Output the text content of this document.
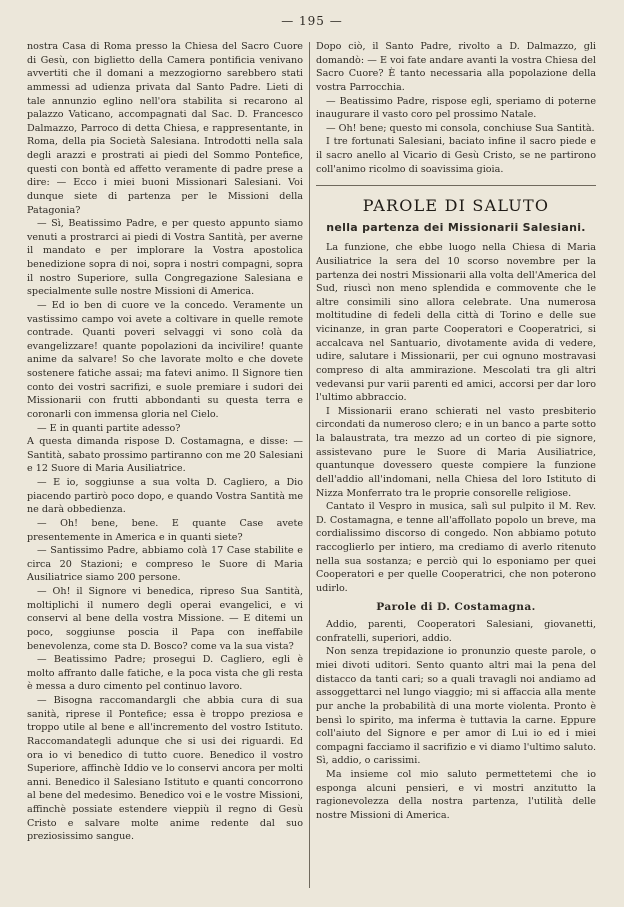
— 195 —

nostra Casa di Roma presso la Chiesa del Sacro Cuore di Gesù, con biglietto della Camera pontificia venivano avvertiti che il domani a mezzogiorno sarebbero stati ammessi ad udienza privata dal Santo Padre. Lieti di tale annunzio eglino nell'ora stabilita si recarono al palazzo Vaticano, accompagnati dal Sac. D. Francesco Dalmazzo, Parroco di detta Chiesa, e rappresentante, in Roma, della pia Società Salesiana. Introdotti nella sala degli arazzi e prostrati ai piedi del Sommo Pontefice, questi con bontà ed affetto veramente di padre prese a dire: — Ecco i miei buoni Missionari Salesiani. Voi dunque siete di partenza per le Missioni della Patagonia?

— Sì, Beatissimo Padre, e per questo appunto siamo venuti a prostrarci ai piedi di Vostra Santità, per averne il mandato e per implorare la Vostra apostolica benedizione sopra di noi, sopra i nostri compagni, sopra il nostro Superiore, sulla Congregazione Salesiana e specialmente sulle nostre Missioni di America.

— Ed io ben di cuore ve la concedo. Veramente un vastissimo campo voi avete a coltivare in quelle remote contrade. Quanti poveri selvaggi vi sono colà da evangelizzare! quante popolazioni da incivilire! quante anime da salvare! So che lavorate molto e che dovete sostenere fatiche assai; ma fatevi animo. Il Signore tien conto dei vostri sacrifizi, e suole premiare i sudori dei Missionarii con frutti abbondanti su questa terra e coronarli con immensa gloria nel Cielo.

— E in quanti partite adesso?

A questa dimanda rispose D. Costamagna, e disse: — Santità, sabato prossimo partiranno con me 20 Salesiani e 12 Suore di Maria Ausiliatrice.

— E io, soggiunse a sua volta D. Cagliero, a Dio piacendo partirò poco dopo, e quando Vostra Santità me ne darà obbedienza.

— Oh! bene, bene. E quante Case avete presentemente in America e in quanti siete?

— Santissimo Padre, abbiamo colà 17 Case stabilite e circa 20 Stazioni; e compreso le Suore di Maria Ausiliatrice siamo 200 persone.

— Oh! il Signore vi benedica, ripreso Sua Santità, moltiplichi il numero degli operai evangelici, e vi conservi al bene della vostra Missione. — E ditemi un poco, soggiunse poscia il Papa con ineffabile benevolenza, come sta D. Bosco? come va la sua vista?

— Beatissimo Padre; prosegui D. Cagliero, egli è molto affranto dalle fatiche, e la poca vista che gli resta è messa a duro cimento pel continuo lavoro.

— Bisogna raccomandargli che abbia cura di sua sanità, riprese il Pontefice; essa è troppo preziosa e troppo utile al bene e all'incremento del vostro Istituto. Raccomandategli adunque che si usi dei riguardi. Ed ora io vi benedico di tutto cuore. Benedico il vostro Superiore, affinchè Iddio ve lo conservi ancora per molti anni. Benedico il Salesiano Istituto e quanti concorrono al bene del medesimo. Benedico voi e le vostre Missioni, affinchè possiate estendere vieppiù il regno di Gesù Cristo e salvare molte anime redente dal suo preziosissimo sangue.

Dopo ciò, il Santo Padre, rivolto a D. Dalmazzo, gli domandò: — E voi fate andare avanti la vostra Chiesa del Sacro Cuore? È tanto necessaria alla popolazione della vostra Parrocchia.

— Beatissimo Padre, rispose egli, speriamo di poterne inaugurare il vasto coro pel prossimo Natale.

— Oh! bene; questo mi consola, conchiuse Sua Santità.

I tre fortunati Salesiani, baciato infine il sacro piede e il sacro anello al Vicario di Gesù Cristo, se ne partirono coll'animo ricolmo di soavissima gioia.

PAROLE DI SALUTO
nella partenza dei Missionarii Salesiani.

La funzione, che ebbe luogo nella Chiesa di Maria Ausiliatrice la sera del 10 scorso novembre per la partenza dei nostri Missionarii alla volta dell'America del Sud, riuscì non meno splendida e commovente che le altre consimili sino allora celebrate. Una numerosa moltitudine di fedeli della città di Torino e delle sue vicinanze, in gran parte Cooperatori e Cooperatrici, si accalcava nel Santuario, divotamente avida di vedere, udire, salutare i Missionarii, per cui ognuno mostravasi compreso di alta ammirazione. Mescolati tra gli altri vedevansi pur varii parenti ed amici, accorsi per dar loro l'ultimo abbraccio.

I Missionarii erano schierati nel vasto presbiterio circondati da numeroso clero; e in un banco a parte sotto la balaustrata, tra mezzo ad un corteo di pie signore, assistevano pure le Suore di Maria Ausiliatrice, quantunque dovessero queste compiere la funzione dell'addio all'indomani, nella Chiesa del loro Istituto di Nizza Monferrato tra le proprie consorelle religiose.

Cantato il Vespro in musica, salì sul pulpito il M. Rev. D. Costamagna, e tenne all'affollato popolo un breve, ma cordialissimo discorso di congedo. Non abbiamo potuto raccoglierlo per intiero, ma crediamo di averlo ritenuto nella sua sostanza; e perciò qui lo esponiamo per quei Cooperatori e per quelle Cooperatrici, che non poterono udirlo.

Parole di D. Costamagna.

Addio, parenti, Cooperatori Salesiani, giovanetti, confratelli, superiori, addio.

Non senza trepidazione io pronunzio queste parole, o miei divoti uditori. Sento quanto altri mai la pena del distacco da tanti cari; so a quali travagli noi andiamo ad assoggettarci nel lungo viaggio; mi si affaccia alla mente pur anche la probabilità di una morte violenta. Pronto è bensì lo spirito, ma inferma è tuttavia la carne. Eppure coll'aiuto del Signore e per amor di Lui io ed i miei compagni facciamo il sacrifizio e vi diamo l'ultimo saluto. Sì, addio, o carissimi.

Ma insieme col mio saluto permettetemi che io esponga alcuni pensieri, e vi mostri anzitutto la ragionevolezza della nostra partenza, l'utilità delle nostre Missioni di America.
